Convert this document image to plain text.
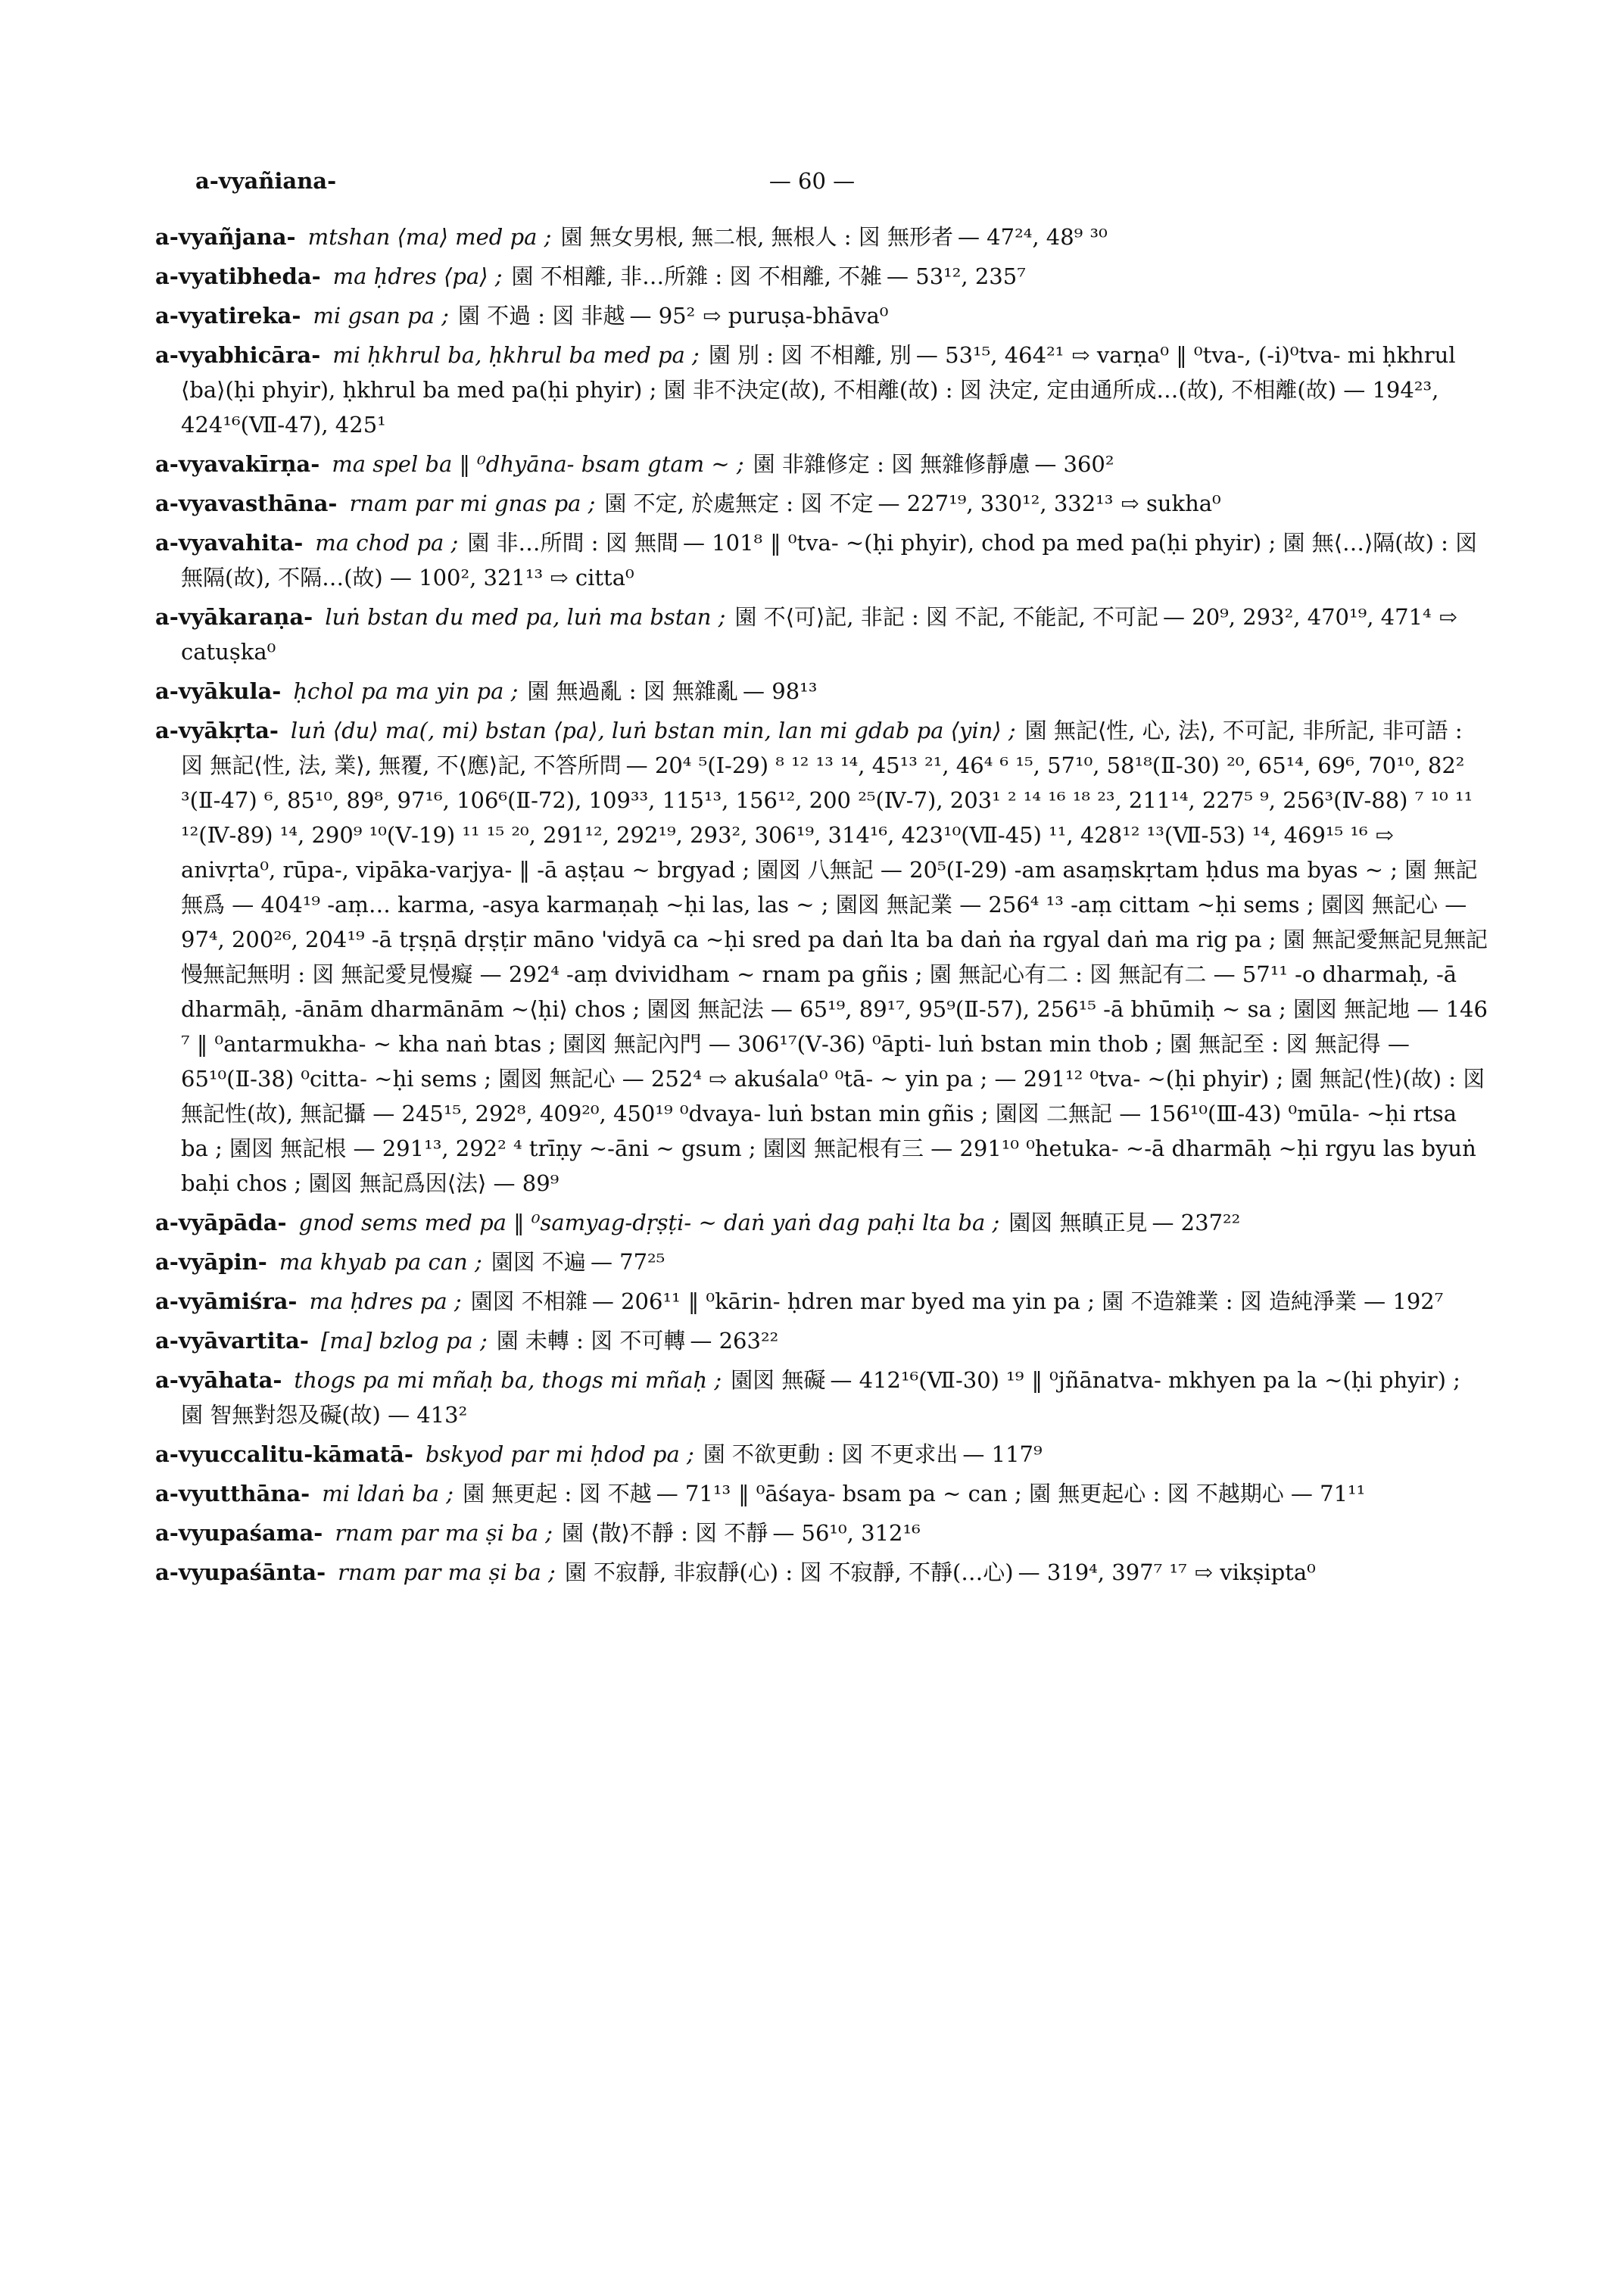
a-vyañiana-	— 60 —
a-vyañjana- mtshan ⟨ma⟩ med pa ; 園 無女男根, 無二根, 無根人 : 図 無形者 — 47²⁴, 48⁹ ³⁰
a-vyatibheda- ma ḥdres ⟨pa⟩ ; 園 不相離, 非…所雜 : 図 不相離, 不雑 — 53¹², 235⁷
a-vyatireka- mi gsan pa ; 園 不過 : 図 非越 — 95² ⇨ puruṣa-bhāva⁰
a-vyabhicāra- mi ḥkhrul ba, ḥkhrul ba med pa ; 園 別 : 図 不相離, 別 — 53¹⁵, 464²¹ ⇨ varṇa⁰ ‖ ⁰tva-, (-i)⁰tva- mi ḥkhrul ⟨ba⟩(ḥi phyir), ḥkhrul ba med pa(ḥi phyir) ; 園 非不決定(故), 不相離(故) : 図 決定, 定由通所成…(故), 不相離(故) — 194²³, 424¹⁶(Ⅶ-47), 425¹
a-vyavakīrṇa- ma spel ba ‖ ⁰dhyāna- bsam gtam ~ ; 園 非雜修定 : 図 無雜修靜慮 — 360²
a-vyavasthāna- rnam par mi gnas pa ; 園 不定, 於處無定 : 図 不定 — 227¹⁹, 330¹², 332¹³ ⇨ sukha⁰
a-vyavahita- ma chod pa ; 園 非…所間 : 図 無間 — 101⁸ ‖ ⁰tva- ~(ḥi phyir), chod pa med pa(ḥi phyir) ; 園 無⟨…⟩隔(故) : 図 無隔(故), 不隔…(故) — 100², 321¹³ ⇨ citta⁰
a-vyākaraṇa- luṅ bstan du med pa, luṅ ma bstan ; 園 不⟨可⟩記, 非記 : 図 不記, 不能記, 不可記 — 20⁹, 293², 470¹⁹, 471⁴ ⇨ catuṣka⁰
a-vyākula- ḥchol pa ma yin pa ; 園 無過亂 : 図 無雜亂 — 98¹³
a-vyākṛta- luṅ ⟨du⟩ ma(, mi) bstan ⟨pa⟩, luṅ bstan min, lan mi gdab pa ⟨yin⟩ ; 園 無記⟨性, 心, 法⟩, 不可記, 非所記, 非可語 : 図 無記⟨性, 法, 業⟩, 無覆, 不⟨應⟩記, 不答所問 — 20⁴ ⁵(Ⅰ-29) ⁸ ¹² ¹³ ¹⁴, 45¹³ ²¹, 46⁴ ⁶ ¹⁵, 57¹⁰, 58¹⁸(Ⅱ-30) ²⁰, 65¹⁴, 69⁶, 70¹⁰, 82² ³(Ⅱ-47) ⁶, 85¹⁰, 89⁸, 97¹⁶, 106⁶(Ⅱ-72), 109³³, 115¹³, 156¹², 200 ²⁵(Ⅳ-7), 203¹ ² ¹⁴ ¹⁶ ¹⁸ ²³, 211¹⁴, 227⁵ ⁹, 256³(Ⅳ-88) ⁷ ¹⁰ ¹¹ ¹²(Ⅳ-89) ¹⁴, 290⁹ ¹⁰(Ⅴ-19) ¹¹ ¹⁵ ²⁰, 291¹², 292¹⁹, 293², 306¹⁹, 314¹⁶, 423¹⁰(Ⅶ-45) ¹¹, 428¹² ¹³(Ⅶ-53) ¹⁴, 469¹⁵ ¹⁶ ⇨ anivṛta⁰, rūpa-, vipāka-varjya- ‖ -ā aṣṭau ~ brgyad ; 園図 八無記 — 20⁵(Ⅰ-29) -am asaṃskṛtam ḥdus ma byas ~ ; 園 無記無爲 — 404¹⁹ -aṃ… karma, -asya karmaṇaḥ ~ḥi las, las ~ ; 園図 無記業 — 256⁴ ¹³ -aṃ cittam ~ḥi sems ; 園図 無記心 — 97⁴, 200²⁶, 204¹⁹ -ā tṛṣṇā dṛṣṭir māno 'vidyā ca ~ḥi sred pa daṅ lta ba daṅ ṅa rgyal daṅ ma rig pa ; 園 無記愛無記見無記慢無記無明 : 図 無記愛見慢癡 — 292⁴ -aṃ dvividham ~ rnam pa gñis ; 園 無記心有二 : 図 無記有二 — 57¹¹ -o dharmaḥ, -ā dharmāḥ, -ānām dharmānām ~⟨ḥi⟩ chos ; 園図 無記法 — 65¹⁹, 89¹⁷, 95⁹(Ⅱ-57), 256¹⁵ -ā bhūmiḥ ~ sa ; 園図 無記地 — 146 ⁷ ‖ ⁰antarmukha- ~ kha naṅ btas ; 園図 無記內門 — 306¹⁷(Ⅴ-36) ⁰āpti- luṅ bstan min thob ; 園 無記至 : 図 無記得 — 65¹⁰(Ⅱ-38) ⁰citta- ~ḥi sems ; 園図 無記心 — 252⁴ ⇨ akuśala⁰ ⁰tā- ~ yin pa ; — 291¹² ⁰tva- ~(ḥi phyir) ; 園 無記⟨性⟩(故) : 図 無記性(故), 無記攝 — 245¹⁵, 292⁸, 409²⁰, 450¹⁹ ⁰dvaya- luṅ bstan min gñis ; 園図 二無記 — 156¹⁰(Ⅲ-43) ⁰mūla- ~ḥi rtsa ba ; 園図 無記根 — 291¹³, 292² ⁴ trīṇy ~-āni ~ gsum ; 園図 無記根有三 — 291¹⁰ ⁰hetuka- ~-ā dharmāḥ ~ḥi rgyu las byuṅ baḥi chos ; 園図 無記爲因⟨法⟩ — 89⁹
a-vyāpāda- gnod sems med pa ‖ ⁰samyag-dṛṣṭi- ~ daṅ yaṅ dag paḥi lta ba ; 園図 無瞋正見 — 237²²
a-vyāpin- ma khyab pa can ; 園図 不遍 — 77²⁵
a-vyāmiśra- ma ḥdres pa ; 園図 不相雜 — 206¹¹ ‖ ⁰kārin- ḥdren mar byed ma yin pa ; 園 不造雜業 : 図 造純淨業 — 192⁷
a-vyāvartita- [ma] bzlog pa ; 園 未轉 : 図 不可轉 — 263²²
a-vyāhata- thogs pa mi mñaḥ ba, thogs mi mñaḥ ; 園図 無礙 — 412¹⁶(Ⅶ-30) ¹⁹ ‖ ⁰jñānatva- mkhyen pa la ~(ḥi phyir) ; 園 智無對怨及礙(故) — 413²
a-vyuccalitu-kāmatā- bskyod par mi ḥdod pa ; 園 不欲更動 : 図 不更求出 — 117⁹
a-vyutthāna- mi ldaṅ ba ; 園 無更起 : 図 不越 — 71¹³ ‖ ⁰āśaya- bsam pa ~ can ; 園 無更起心 : 図 不越期心 — 71¹¹
a-vyupaśama- rnam par ma ṣi ba ; 園 ⟨散⟩不靜 : 図 不靜 — 56¹⁰, 312¹⁶
a-vyupaśānta- rnam par ma ṣi ba ; 園 不寂靜, 非寂靜(心) : 図 不寂靜, 不靜(…心) — 319⁴, 397⁷ ¹⁷ ⇨ vikṣipta⁰
